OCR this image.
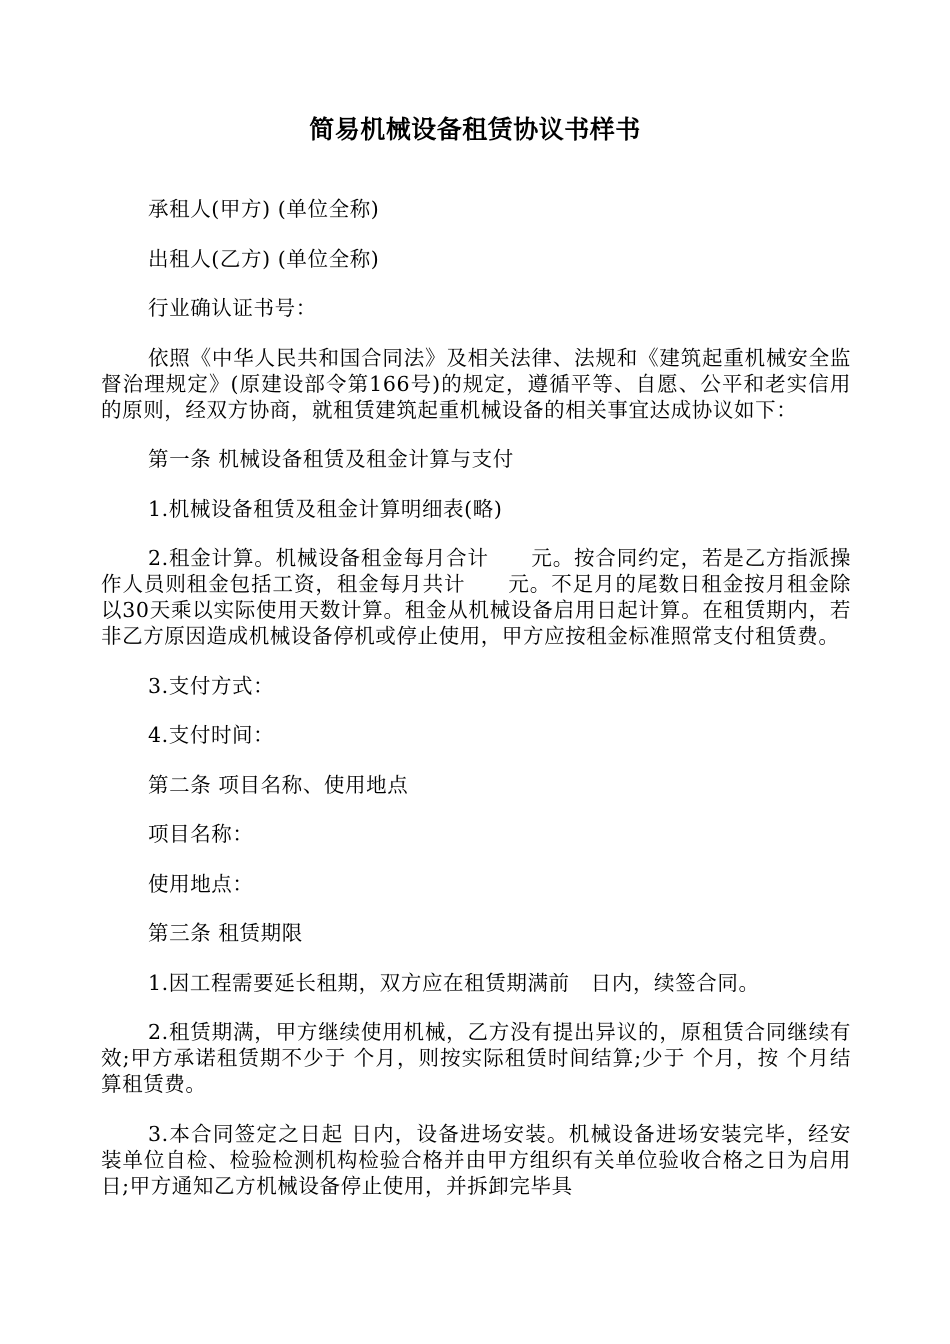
简易机械设备租赁协议书样书

承租人(甲方) (单位全称)

出租人(乙方) (单位全称)

行业确认证书号：

依照《中华人民共和国合同法》及相关法律、法规和《建筑起重机械安全监督治理规定》(原建设部令第166号)的规定，遵循平等、自愿、公平和老实信用的原则，经双方协商，就租赁建筑起重机械设备的相关事宜达成协议如下：

第一条 机械设备租赁及租金计算与支付

1.机械设备租赁及租金计算明细表(略)

2.租金计算。机械设备租金每月合计　　元。按合同约定，若是乙方指派操作人员则租金包括工资，租金每月共计　　元。不足月的尾数日租金按月租金除以30天乘以实际使用天数计算。租金从机械设备启用日起计算。在租赁期内，若非乙方原因造成机械设备停机或停止使用，甲方应按租金标准照常支付租赁费。

3.支付方式：

4.支付时间：

第二条 项目名称、使用地点

项目名称：

使用地点：

第三条 租赁期限

1.因工程需要延长租期，双方应在租赁期满前　日内，续签合同。

2.租赁期满，甲方继续使用机械，乙方没有提出异议的，原租赁合同继续有效;甲方承诺租赁期不少于 个月，则按实际租赁时间结算;少于 个月，按 个月结算租赁费。

3.本合同签定之日起 日内，设备进场安装。机械设备进场安装完毕，经安装单位自检、检验检测机构检验合格并由甲方组织有关单位验收合格之日为启用日;甲方通知乙方机械设备停止使用，并拆卸完毕具
